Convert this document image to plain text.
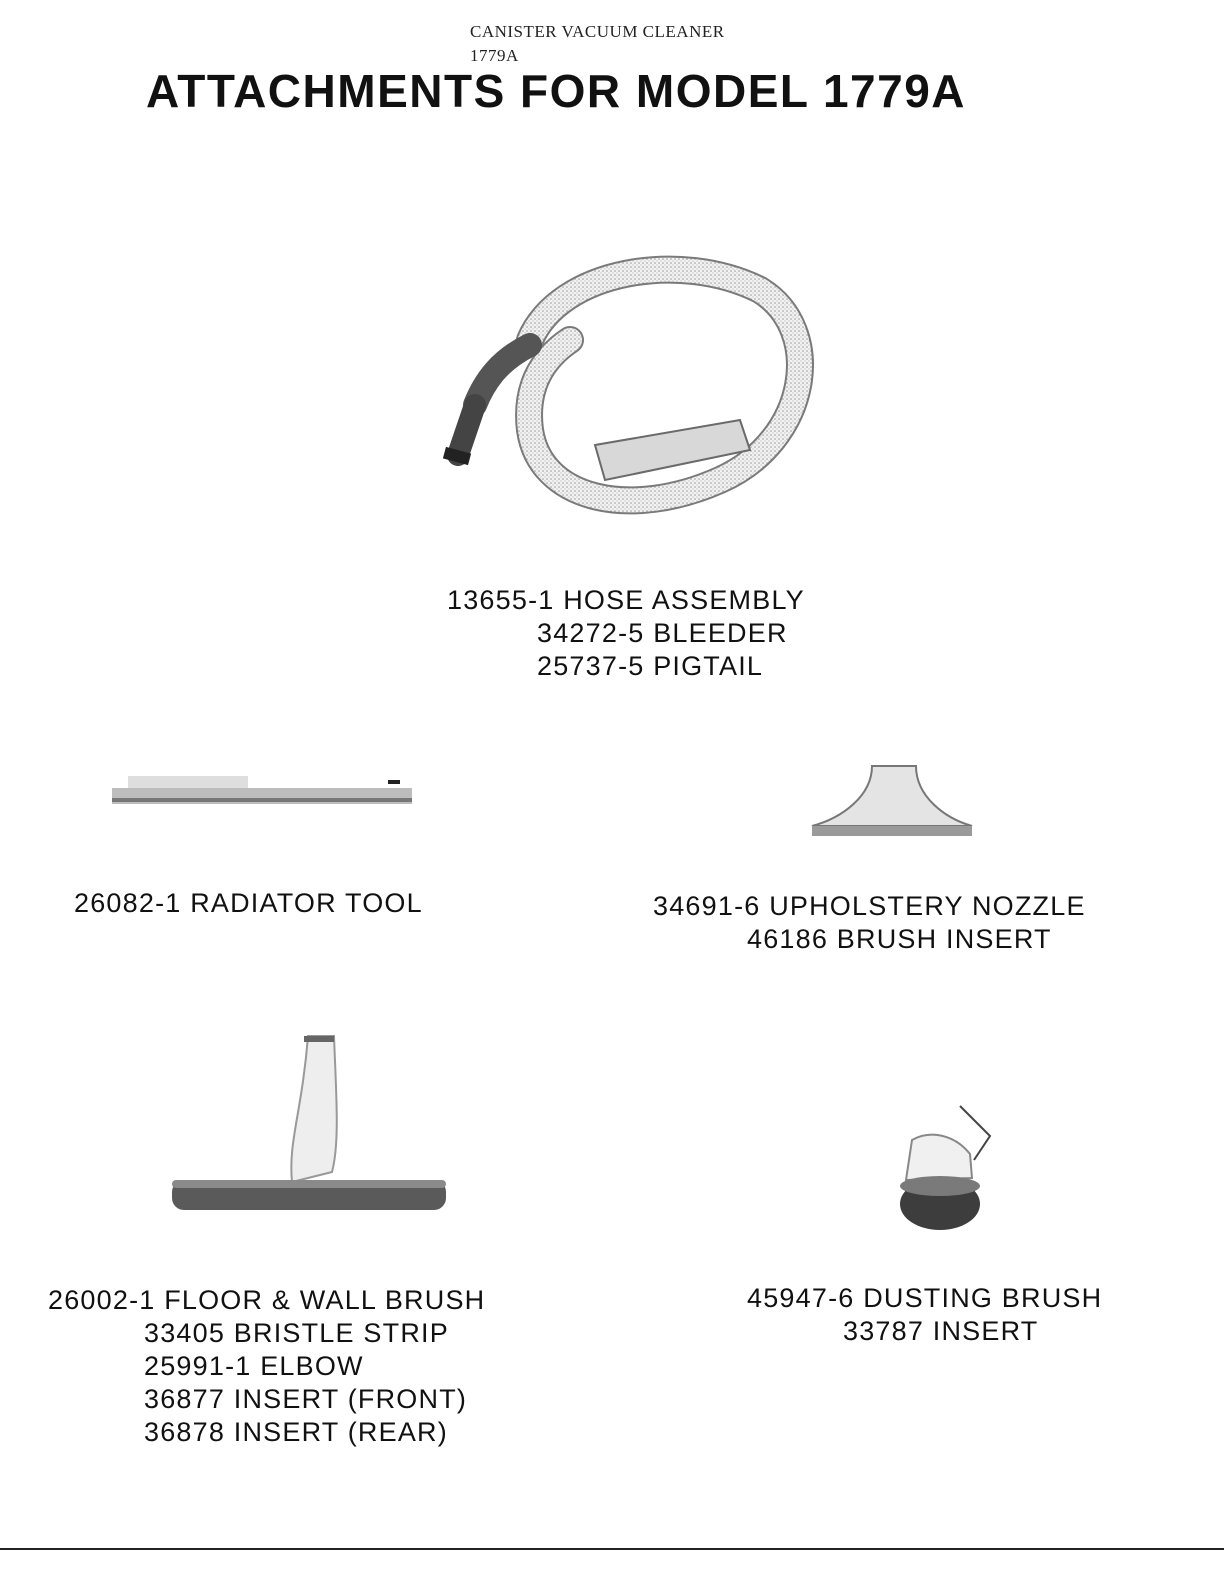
CANISTER VACUUM CLEANER
1779A
ATTACHMENTS FOR MODEL 1779A
13655-1 HOSE ASSEMBLY
34272-5 BLEEDER
25737-5 PIGTAIL
26082-1 RADIATOR TOOL	34691-6 UPHOLSTERY NOZZLE
46186 BRUSH INSERT
26002-1 FLOOR & WALL BRUSH
33405 BRISTLE STRIP
25991-1 ELBOW
36877 INSERT (FRONT)
36878 INSERT (REAR)
45947-6 DUSTING BRUSH
33787 INSERT
